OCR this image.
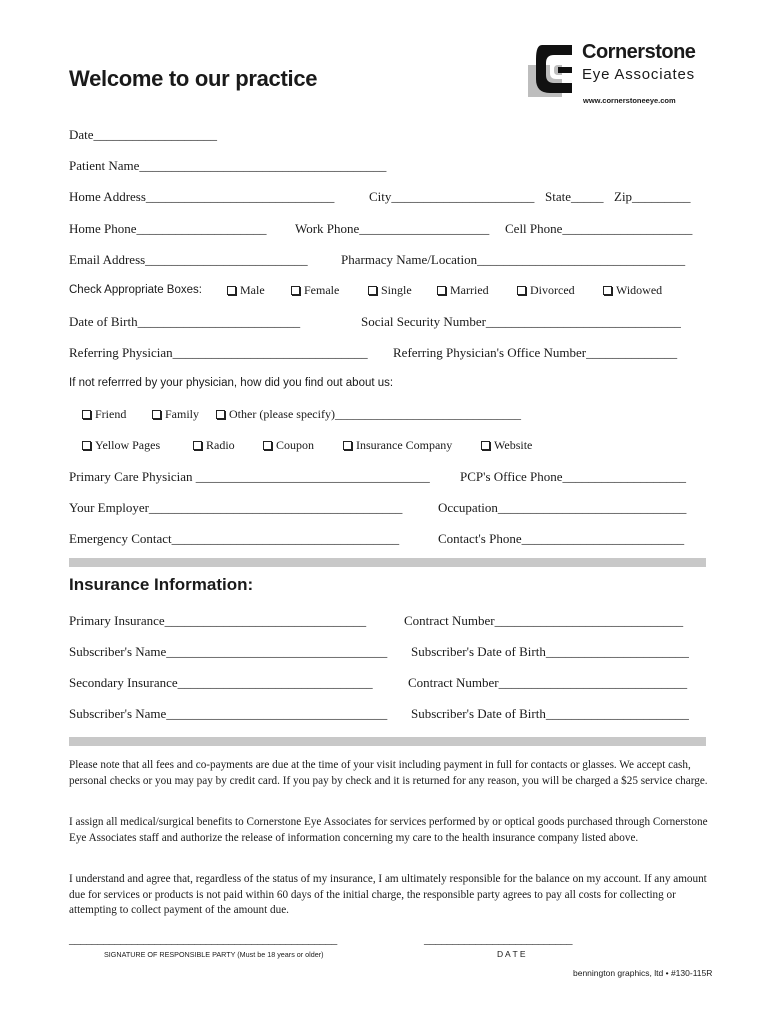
Welcome to our practice
Cornerstone
Eye Associates
www.cornerstoneeye.com
Date___________________
Patient Name______________________________________
Home Address_____________________________	City______________________ State_____ Zip_________
Home Phone____________________ Work Phone____________________ Cell Phone____________________
Email Address_________________________	Pharmacy Name/Location________________________________
Check Appropriate Boxes:	Male	Female	Single	Married	Divorced	Widowed
Date of Birth_________________________	Social Security Number______________________________
Referring Physician______________________________ Referring Physician's Office Number______________
If not referrred by your physician, how did you find out about us:
Friend	Family	Other (please specify)_______________________________
Yellow Pages	Radio	Coupon	Insurance Company	Website
Primary Care Physician ____________________________________ PCP's Office Phone___________________
Your Employer_______________________________________	Occupation_____________________________
Emergency Contact___________________________________	Contact's Phone_________________________
Insurance Information:
Primary Insurance_______________________________	Contract Number_____________________________
Subscriber's Name__________________________________ Subscriber's Date of Birth______________________
Secondary Insurance______________________________	Contract Number_____________________________
Subscriber's Name__________________________________ Subscriber's Date of Birth______________________
Please note that all fees and co-payments are due at the time of your visit including payment in full for contacts or glasses. We accept cash, personal checks or you may pay by credit card. If you pay by check and it is returned for any reason, you will be charged a $25 service charge.
I assign all medical/surgical benefits to Cornerstone Eye Associates for services performed by or optical goods purchased through Cornerstone Eye Associates staff and authorize the release of information concerning my care to the health insurance company listed above.
I understand and agree that, regardless of the status of my insurance, I am ultimately responsible for the balance on my account. If any amount due for services or products is not paid within 60 days of the initial charge, the responsible party agrees to pay all costs for collecting or attempting to collect payment of the amount due.
_______________________________________________
SIGNATURE OF RESPONSIBLE PARTY (Must be 18 years or older)
__________________________
D A T E
bennington graphics, ltd • #130-115R
